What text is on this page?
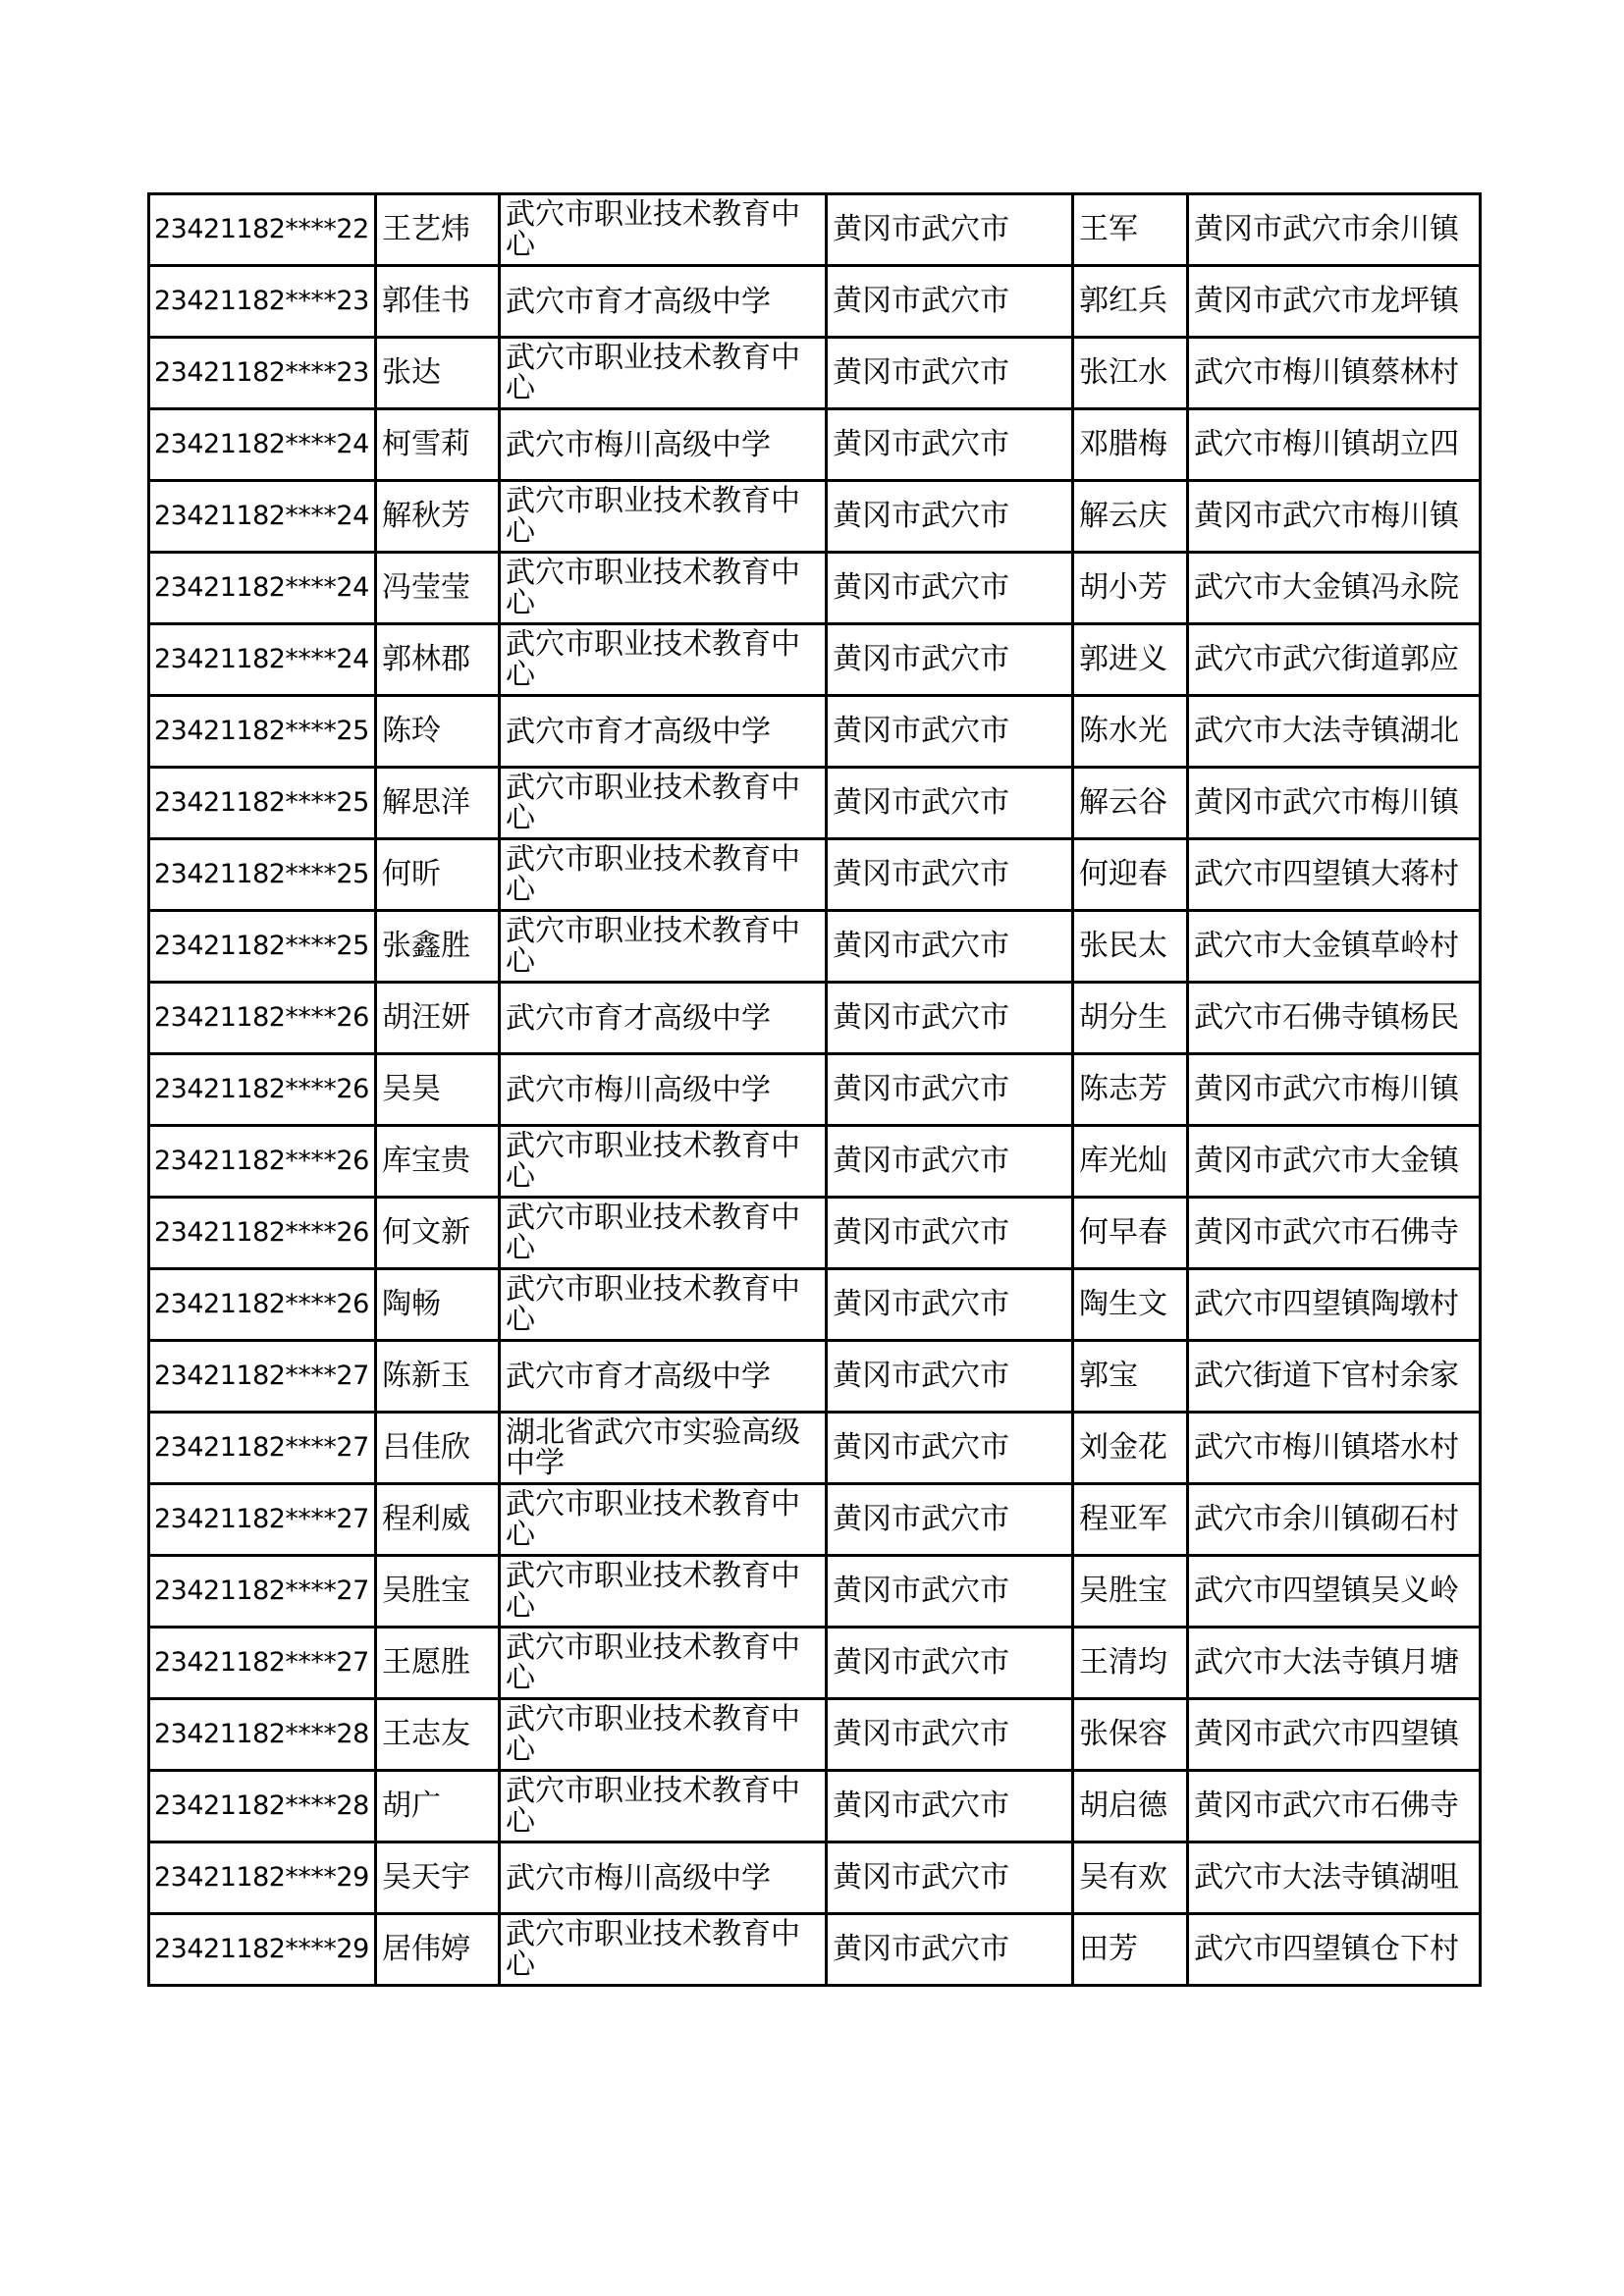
23421182****22	王艺炜	武穴市职业技术教育中心	黄冈市武穴市	王军	黄冈市武穴市余川镇
23421182****23	郭佳书	武穴市育才高级中学	黄冈市武穴市	郭红兵	黄冈市武穴市龙坪镇
23421182****23	张达	武穴市职业技术教育中心	黄冈市武穴市	张江水	武穴市梅川镇蔡林村
23421182****24	柯雪莉	武穴市梅川高级中学	黄冈市武穴市	邓腊梅	武穴市梅川镇胡立四
23421182****24	解秋芳	武穴市职业技术教育中心	黄冈市武穴市	解云庆	黄冈市武穴市梅川镇
23421182****24	冯莹莹	武穴市职业技术教育中心	黄冈市武穴市	胡小芳	武穴市大金镇冯永院
23421182****24	郭林郡	武穴市职业技术教育中心	黄冈市武穴市	郭进义	武穴市武穴街道郭应
23421182****25	陈玲	武穴市育才高级中学	黄冈市武穴市	陈水光	武穴市大法寺镇湖北
23421182****25	解思洋	武穴市职业技术教育中心	黄冈市武穴市	解云谷	黄冈市武穴市梅川镇
23421182****25	何昕	武穴市职业技术教育中心	黄冈市武穴市	何迎春	武穴市四望镇大蒋村
23421182****25	张鑫胜	武穴市职业技术教育中心	黄冈市武穴市	张民太	武穴市大金镇草岭村
23421182****26	胡汪妍	武穴市育才高级中学	黄冈市武穴市	胡分生	武穴市石佛寺镇杨民
23421182****26	吴昊	武穴市梅川高级中学	黄冈市武穴市	陈志芳	黄冈市武穴市梅川镇
23421182****26	库宝贵	武穴市职业技术教育中心	黄冈市武穴市	库光灿	黄冈市武穴市大金镇
23421182****26	何文新	武穴市职业技术教育中心	黄冈市武穴市	何早春	黄冈市武穴市石佛寺
23421182****26	陶畅	武穴市职业技术教育中心	黄冈市武穴市	陶生文	武穴市四望镇陶墩村
23421182****27	陈新玉	武穴市育才高级中学	黄冈市武穴市	郭宝	武穴街道下官村余家
23421182****27	吕佳欣	湖北省武穴市实验高级中学	黄冈市武穴市	刘金花	武穴市梅川镇塔水村
23421182****27	程利威	武穴市职业技术教育中心	黄冈市武穴市	程亚军	武穴市余川镇砌石村
23421182****27	吴胜宝	武穴市职业技术教育中心	黄冈市武穴市	吴胜宝	武穴市四望镇吴义岭
23421182****27	王愿胜	武穴市职业技术教育中心	黄冈市武穴市	王清均	武穴市大法寺镇月塘
23421182****28	王志友	武穴市职业技术教育中心	黄冈市武穴市	张保容	黄冈市武穴市四望镇
23421182****28	胡广	武穴市职业技术教育中心	黄冈市武穴市	胡启德	黄冈市武穴市石佛寺
23421182****29	吴天宇	武穴市梅川高级中学	黄冈市武穴市	吴有欢	武穴市大法寺镇湖咀
23421182****29	居伟婷	武穴市职业技术教育中心	黄冈市武穴市	田芳	武穴市四望镇仓下村
